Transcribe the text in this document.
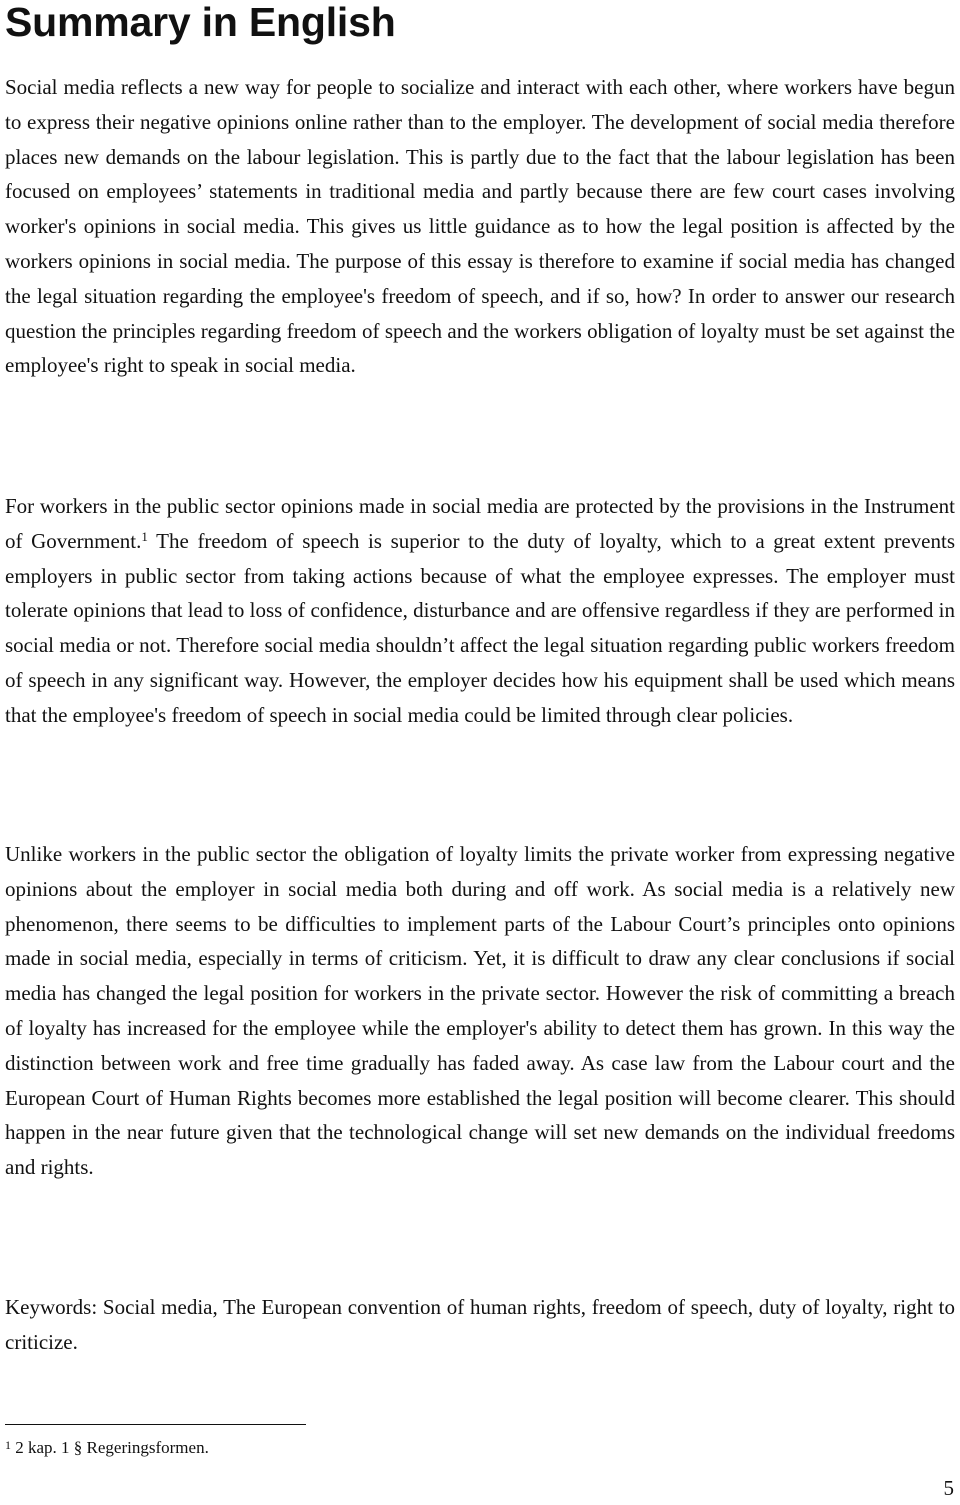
Summary in English

Social media reflects a new way for people to socialize and interact with each other, where workers have begun to express their negative opinions online rather than to the employer. The development of social media therefore places new demands on the labour legislation. This is partly due to the fact that the labour legislation has been focused on employees’ statements in traditional media and partly because there are few court cases involving worker's opinions in social media. This gives us little guidance as to how the legal position is affected by the workers opinions in social media. The purpose of this essay is therefore to examine if social media has changed the legal situation regarding the employee's freedom of speech, and if so, how? In order to answer our research question the principles regarding freedom of speech and the workers obligation of loyalty must be set against the employee's right to speak in social media.

For workers in the public sector opinions made in social media are protected by the provisions in the Instrument of Government.$^1$ The freedom of speech is superior to the duty of loyalty, which to a great extent prevents employers in public sector from taking actions because of what the employee expresses. The employer must tolerate opinions that lead to loss of confidence, disturbance and are offensive regardless if they are performed in social media or not. Therefore social media shouldn’t affect the legal situation regarding public workers freedom of speech in any significant way. However, the employer decides how his equipment shall be used which means that the employee's freedom of speech in social media could be limited through clear policies.

Unlike workers in the public sector the obligation of loyalty limits the private worker from expressing negative opinions about the employer in social media both during and off work. As social media is a relatively new phenomenon, there seems to be difficulties to implement parts of the Labour Court’s principles onto opinions made in social media, especially in terms of criticism. Yet, it is difficult to draw any clear conclusions if social media has changed the legal position for workers in the private sector. However the risk of committing a breach of loyalty has increased for the employee while the employer's ability to detect them has grown. In this way the distinction between work and free time gradually has faded away. As case law from the Labour court and the European Court of Human Rights becomes more established the legal position will become clearer. This should happen in the near future given that the technological change will set new demands on the individual freedoms and rights.

Keywords: Social media, The European convention of human rights, freedom of speech, duty of loyalty, right to criticize.

$^1$ 2 kap. 1 § Regeringsformen.
5
